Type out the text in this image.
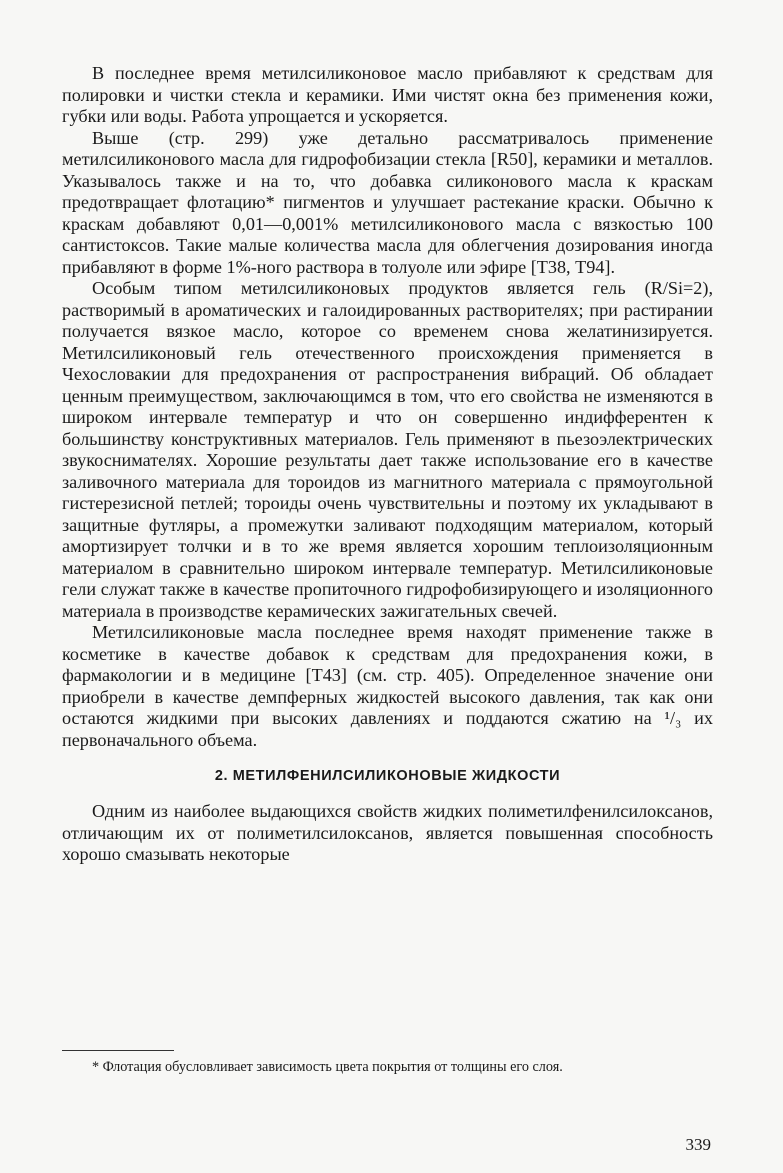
В последнее время метилсиликоновое масло прибавляют к средствам для полировки и чистки стекла и керамики. Ими чистят окна без применения кожи, губки или воды. Работа упрощается и ускоряется.

Выше (стр. 299) уже детально рассматривалось применение метилсиликонового масла для гидрофобизации стекла [R50], керамики и металлов. Указывалось также и на то, что добавка силиконового масла к краскам предотвращает флотацию* пигментов и улучшает растекание краски. Обычно к краскам добавляют 0,01—0,001% метилсиликонового масла с вязкостью 100 сантистоксов. Такие малые количества масла для облегчения дозирования иногда прибавляют в форме 1%-ного раствора в толуоле или эфире [Т38, Т94].

Особым типом метилсиликоновых продуктов является гель (R/Si=2), растворимый в ароматических и галоидированных растворителях; при растирании получается вязкое масло, которое со временем снова желатинизируется. Метилсиликоновый гель отечественного происхождения применяется в Чехословакии для предохранения от распространения вибраций. Об обладает ценным преимуществом, заключающимся в том, что его свойства не изменяются в широком интервале температур и что он совершенно индифферентен к большинству конструктивных материалов. Гель применяют в пьезоэлектрических звукоснимателях. Хорошие результаты дает также использование его в качестве заливочного материала для тороидов из магнитного материала с прямоугольной гистерезисной петлей; тороиды очень чувствительны и поэтому их укладывают в защитные футляры, а промежутки заливают подходящим материалом, который амортизирует толчки и в то же время является хорошим теплоизоляционным материалом в сравнительно широком интервале температур. Метилсиликоновые гели служат также в качестве пропиточного гидрофобизирующего и изоляционного материала в производстве керамических зажигательных свечей.

Метилсиликоновые масла последнее время находят применение также в косметике в качестве добавок к средствам для предохранения кожи, в фармакологии и в медицине [Т43] (см. стр. 405). Определенное значение они приобрели в качестве демпферных жидкостей высокого давления, так как они остаются жидкими при высоких давлениях и поддаются сжатию на ¹/₃ их первоначального объема.

2. МЕТИЛФЕНИЛСИЛИКОНОВЫЕ ЖИДКОСТИ

Одним из наиболее выдающихся свойств жидких полиметилфенилсилоксанов, отличающим их от полиметилсилоксанов, является повышенная способность хорошо смазывать некоторые

* Флотация обусловливает зависимость цвета покрытия от толщины его слоя.

339
